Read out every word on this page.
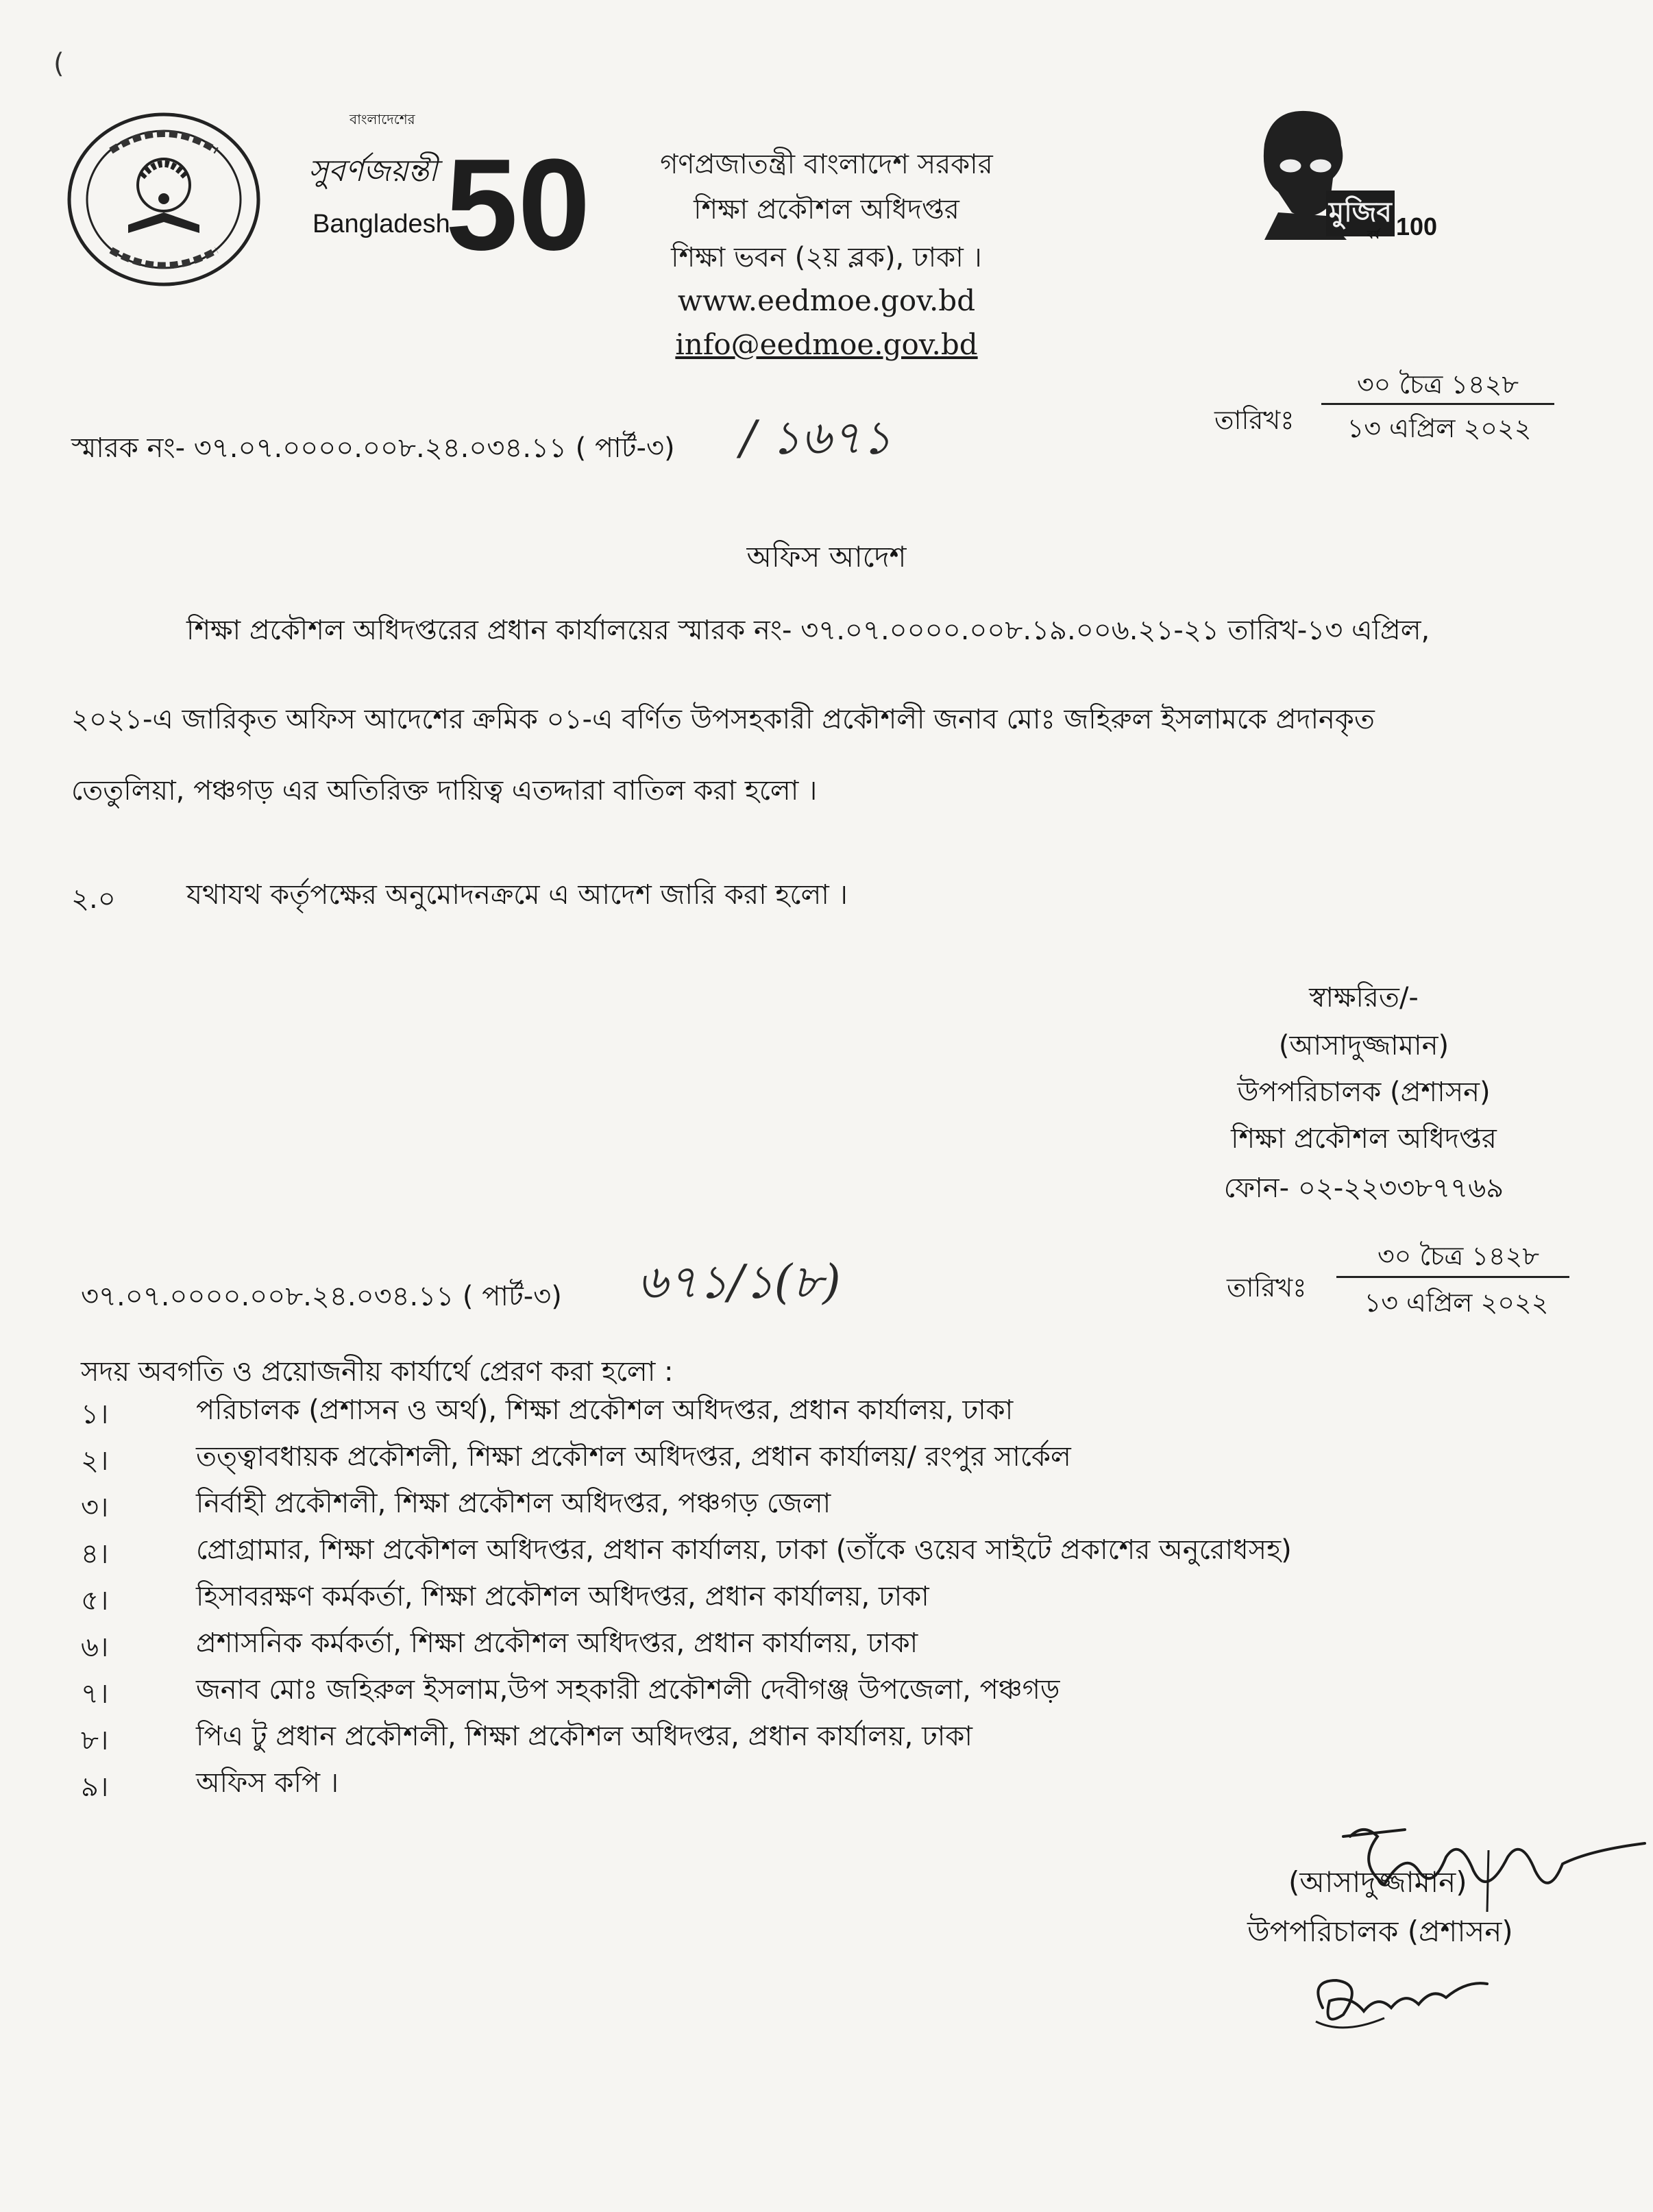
(
বাংলাদেশের
সুবর্ণজয়ন্তী
Bangladesh
50	গণপ্রজাতন্ত্রী বাংলাদেশ সরকার
শিক্ষা প্রকৌশল অধিদপ্তর
শিক্ষা ভবন (২য় ব্লক), ঢাকা ।
www.eedmoe.gov.bd
info@eedmoe.gov.bd
মুজিব
বর্ষ 100
স্মারক নং- ৩৭.০৭.০০০০.০০৮.২৪.০৩৪.১১ ( পার্ট-৩) / ১৬৭১	তারিখঃ
৩০ চৈত্র ১৪২৮
১৩ এপ্রিল ২০২২
অফিস আদেশ
শিক্ষা প্রকৌশল অধিদপ্তরের প্রধান কার্যালয়ের স্মারক নং- ৩৭.০৭.০০০০.০০৮.১৯.০০৬.২১-২১ তারিখ-১৩ এপ্রিল,
২০২১-এ জারিকৃত অফিস আদেশের ক্রমিক ০১-এ বর্ণিত উপসহকারী প্রকৌশলী জনাব মোঃ জহিরুল ইসলামকে প্রদানকৃত
তেতুলিয়া, পঞ্চগড় এর অতিরিক্ত দায়িত্ব এতদ্দারা বাতিল করা হলো ।
২.০	যথাযথ কর্তৃপক্ষের অনুমোদনক্রমে এ আদেশ জারি করা হলো ।
স্বাক্ষরিত/-
(আসাদুজ্জামান)
উপপরিচালক (প্রশাসন)
শিক্ষা প্রকৌশল অধিদপ্তর
ফোন- ০২-২২৩৩৮৭৭৬৯
৩৭.০৭.০০০০.০০৮.২৪.০৩৪.১১ ( পার্ট-৩) ৬৭১/১(৮)	তারিখঃ
৩০ চৈত্র ১৪২৮
১৩ এপ্রিল ২০২২
সদয় অবগতি ও প্রয়োজনীয় কার্যার্থে প্রেরণ করা হলো :
১।	পরিচালক (প্রশাসন ও অর্থ), শিক্ষা প্রকৌশল অধিদপ্তর, প্রধান কার্যালয়, ঢাকা
২।	তত্ত্বাবধায়ক প্রকৌশলী, শিক্ষা প্রকৌশল অধিদপ্তর, প্রধান কার্যালয়/ রংপুর সার্কেল
৩।	নির্বাহী প্রকৌশলী, শিক্ষা প্রকৌশল অধিদপ্তর, পঞ্চগড় জেলা
৪।	প্রোগ্রামার, শিক্ষা প্রকৌশল অধিদপ্তর, প্রধান কার্যালয়, ঢাকা (তাঁকে ওয়েব সাইটে প্রকাশের অনুরোধসহ)
৫।	হিসাবরক্ষণ কর্মকর্তা, শিক্ষা প্রকৌশল অধিদপ্তর, প্রধান কার্যালয়, ঢাকা
৬।	প্রশাসনিক কর্মকর্তা, শিক্ষা প্রকৌশল অধিদপ্তর, প্রধান কার্যালয়, ঢাকা
৭।	জনাব মোঃ জহিরুল ইসলাম,উপ সহকারী প্রকৌশলী দেবীগঞ্জ উপজেলা, পঞ্চগড়
৮।	পিএ টু প্রধান প্রকৌশলী, শিক্ষা প্রকৌশল অধিদপ্তর, প্রধান কার্যালয়, ঢাকা
৯।	অফিস কপি ।
(আসাদুজ্জামান)
উপপরিচালক (প্রশাসন)
